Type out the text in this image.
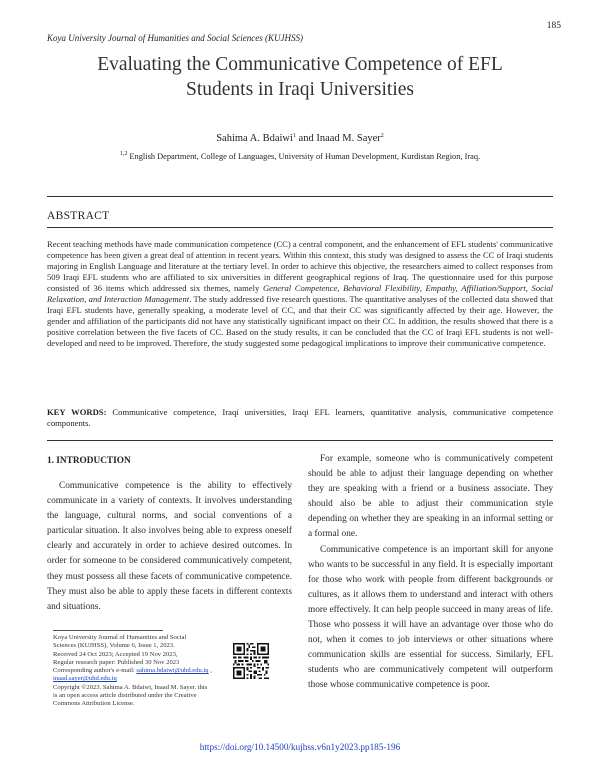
185
Koya University Journal of Humanities and Social Sciences (KUJHSS)
Evaluating the Communicative Competence of EFL
Students in Iraqi Universities
Sahima A. Bdaiwi$^1$ and Inaad M. Sayer$^2$
$^{1,2}$ English Department, College of Languages, University of Human Development, Kurdistan Region, Iraq.
ABSTRACT
Recent teaching methods have made communication competence (CC) a central component, and the enhancement of EFL students' communicative competence has been given a great deal of attention in recent years. Within this context, this study was designed to assess the CC of Iraqi students majoring in English Language and literature at the tertiary level. In order to achieve this objective, the researchers aimed to collect responses from 509 Iraqi EFL students who are affiliated to six universities in different geographical regions of Iraq. The questionnaire used for this purpose consisted of 36 items which addressed six themes, namely General Competence, Behavioral Flexibility, Empathy, Affiliation/Support, Social Relaxation, and Interaction Management. The study addressed five research questions. The quantitative analyses of the collected data showed that Iraqi EFL students have, generally speaking, a moderate level of CC, and that their CC was significantly affected by their age. However, the gender and affiliation of the participants did not have any statistically significant impact on their CC. In addition, the results showed that there is a positive correlation between the five facets of CC. Based on the study results, it can be concluded that the CC of Iraqi EFL students is not well-developed and need to be improved. Therefore, the study suggested some pedagogical implications to improve their communicative competence.
KEY WORDS: Communicative competence, Iraqi universities, Iraqi EFL learners, quantitative analysis, communicative competence components.
1. INTRODUCTION

Communicative competence is the ability to effectively communicate in a variety of contexts. It involves understanding the language, cultural norms, and social conventions of a particular situation. It also involves being able to express oneself clearly and accurately in order to achieve desired outcomes. In order for someone to be considered communicatively competent, they must possess all these facets of communicative competence. They must also be able to apply these facets in different contexts and situations.

For example, someone who is communicatively competent should be able to adjust their language depending on whether they are speaking with a friend or a business associate. They should also be able to adjust their communication style depending on whether they are speaking in an informal setting or a formal one.

Communicative competence is an important skill for anyone who wants to be successful in any field. It is especially important for those who work with people from different backgrounds or cultures, as it allows them to understand and interact with others more effectively. It can help people succeed in many areas of life. Those who possess it will have an advantage over those who do not, when it comes to job interviews or other situations where communication skills are essential for success. Similarly, EFL students who are communicatively competent will outperform those whose communicative competence is poor.

Koya University Journal of Humanities and Social
Sciences (KUJHSS), Volume 6, Issue 1, 2023.
Received 24 Oct 2023; Accepted 19 Nov 2023,
Regular research paper: Published 30 Nov 2023
Corresponding author's e-mail: sahima.bdaiwi@uhd.edu.iq ,
inaad.sayer@uhd.edu.iq
Copyright ©2023. Sahima A. Bdaiwi, Inaad M. Sayer. this
is an open access article distributed under the Creative
Commons Attribution License.
https://doi.org/10.14500/kujhss.v6n1y2023.pp185-196
